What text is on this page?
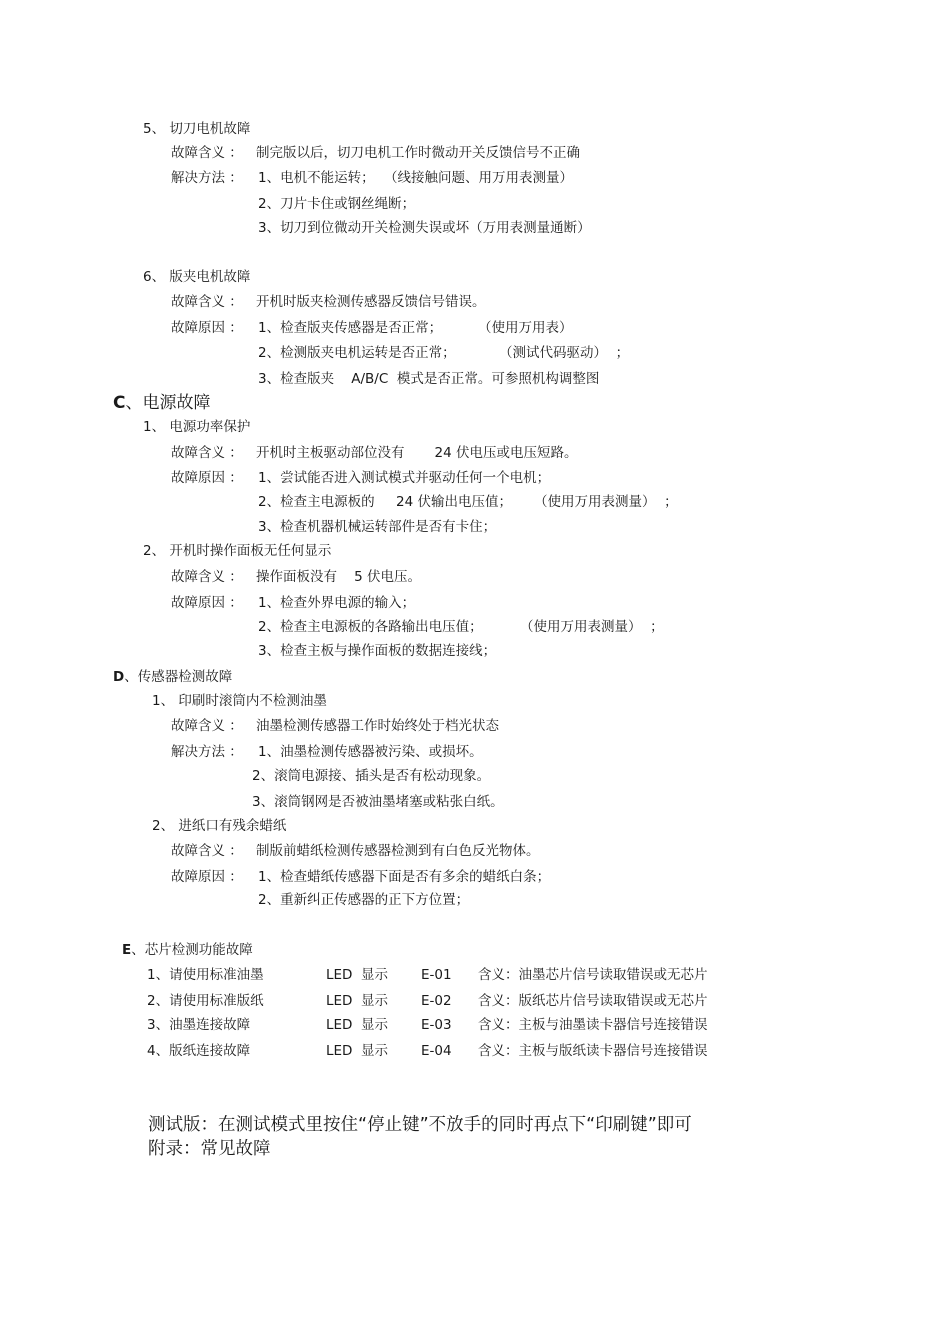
5、 切刀电机故障
故障含义 ： 制完版以后，切刀电机工作时微动开关反馈信号不正确
解决方法 ： 1、电机不能运转； （线接触问题、用万用表测量）
2、刀片卡住或钢丝绳断；
3、切刀到位微动开关检测失误或坏（万用表测量通断）
6、 版夹电机故障
故障含义 ： 开机时版夹检测传感器反馈信号错误。
故障原因 ： 1、检查版夹传感器是否正常；	（使用万用表）
2、检测版夹电机运转是否正常；	（测试代码驱动）  ；
3、检查版夹    A/B/C  模式是否正常。可参照机构调整图
C、电源故障
1、 电源功率保护
故障含义 ： 开机时主板驱动部位没有       24 伏电压或电压短路。
故障原因 ： 1、尝试能否进入测试模式并驱动任何一个电机；
2、检查主电源板的     24 伏输出电压值； （使用万用表测量）  ；
3、检查机器机械运转部件是否有卡住；
2、 开机时操作面板无任何显示
故障含义 ： 操作面板没有    5 伏电压。
故障原因 ： 1、检查外界电源的输入；
2、检查主电源板的各路输出电压值；	（使用万用表测量）  ；
3、检查主板与操作面板的数据连接线；
D、传感器检测故障
1、 印刷时滚筒内不检测油墨
故障含义 ： 油墨检测传感器工作时始终处于档光状态
解决方法 ： 1、油墨检测传感器被污染、或损坏。
2、滚筒电源接、插头是否有松动现象。
3、滚筒钢网是否被油墨堵塞或粘张白纸。
2、 进纸口有残余蜡纸
故障含义 ： 制版前蜡纸检测传感器检测到有白色反光物体。
故障原因 ： 1、检查蜡纸传感器下面是否有多余的蜡纸白条；
2、重新纠正传感器的正下方位置；
E、芯片检测功能故障
1、请使用标准油墨	LED  显示 E-01 含义：油墨芯片信号读取错误或无芯片
2、请使用标准版纸	LED  显示 E-02 含义：版纸芯片信号读取错误或无芯片
3、油墨连接故障	LED  显示 E-03 含义：主板与油墨读卡器信号连接错误
4、版纸连接故障	LED  显示 E-04 含义：主板与版纸读卡器信号连接错误
测试版：在测试模式里按住“停止键”不放手的同时再点下“印刷键”即可
附录：常见故障
